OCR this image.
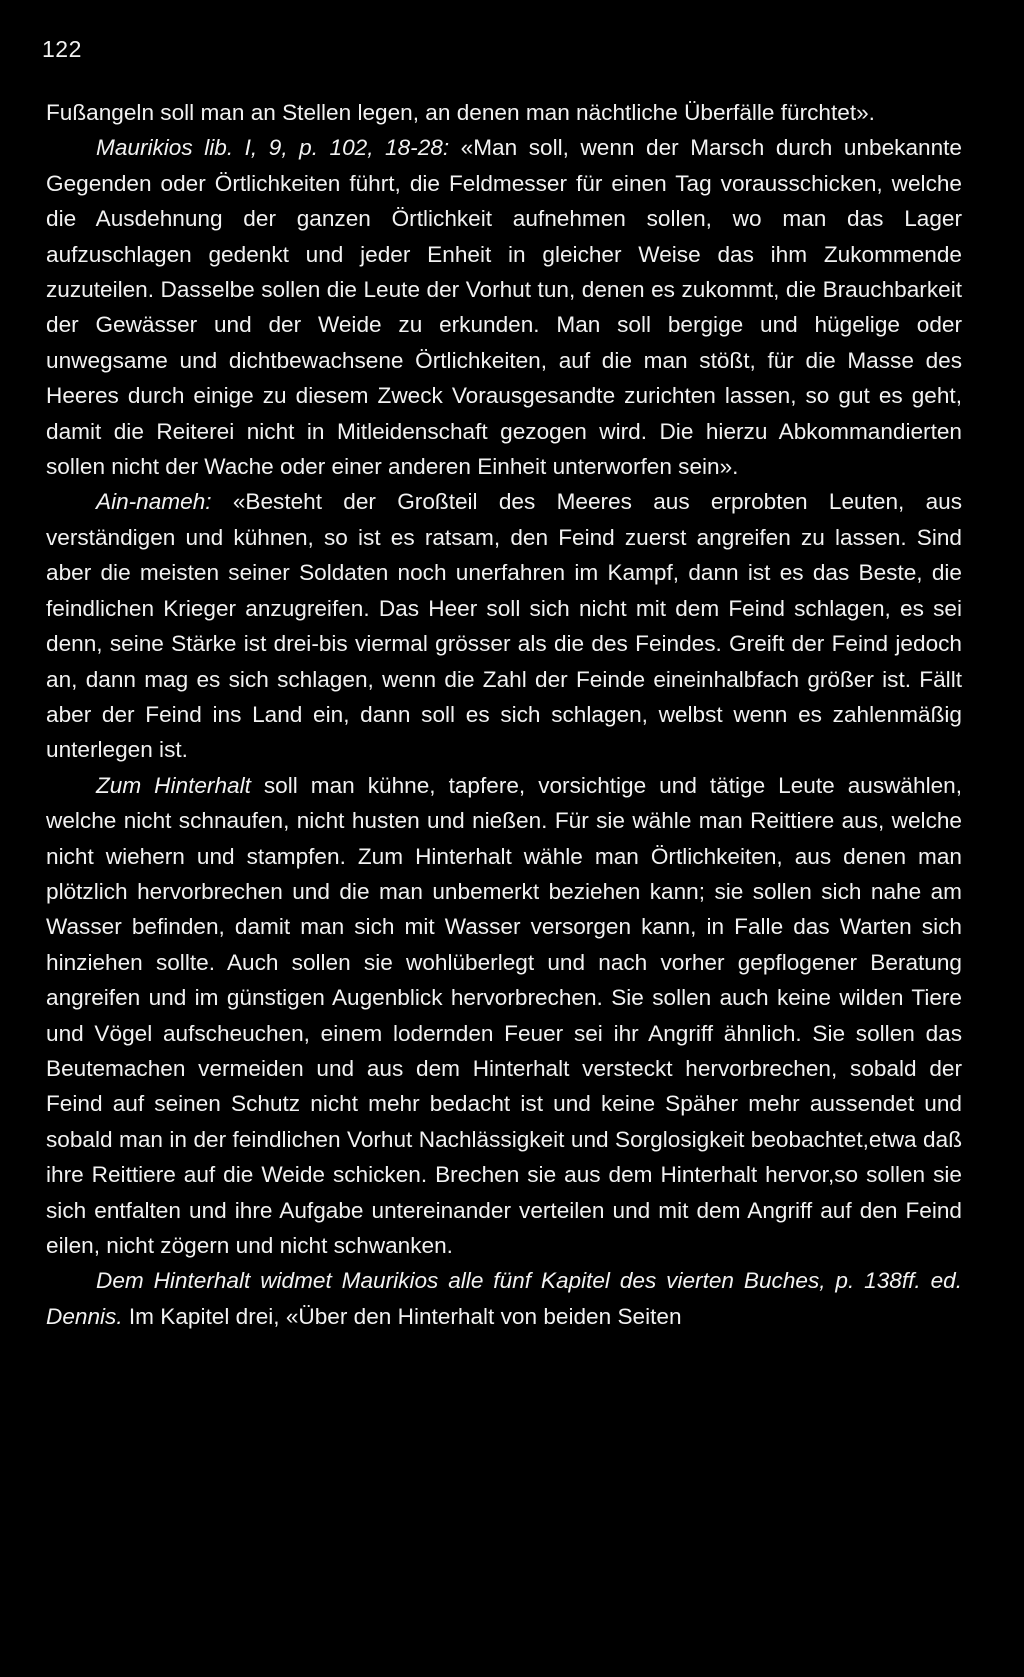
122

Fußangeln soll man an Stellen legen, an denen man nächtliche Überfälle fürchtet».

Maurikios lib. I, 9, p. 102, 18-28: «Man soll, wenn der Marsch durch unbekannte Gegenden oder Örtlichkeiten führt, die Feldmesser für einen Tag vorausschicken, welche die Ausdehnung der ganzen Örtlichkeit aufnehmen sollen, wo man das Lager aufzuschlagen gedenkt und jeder Enheit in gleicher Weise das ihm Zukommende zuzuteilen. Dasselbe sollen die Leute der Vorhut tun, denen es zukommt, die Brauchbarkeit der Gewässer und der Weide zu erkunden. Man soll bergige und hügelige oder unwegsame und dichtbewachsene Örtlichkeiten, auf die man stößt, für die Masse des Heeres durch einige zu diesem Zweck Vorausgesandte zurichten lassen, so gut es geht, damit die Reiterei nicht in Mitleidenschaft gezogen wird. Die hierzu Abkommandierten sollen nicht der Wache oder einer anderen Einheit unterworfen sein».

Ain-nameh: «Besteht der Großteil des Meeres aus erprobten Leuten, aus verständigen und kühnen, so ist es ratsam, den Feind zuerst angreifen zu lassen. Sind aber die meisten seiner Soldaten noch unerfahren im Kampf, dann ist es das Beste, die feindlichen Krieger anzugreifen. Das Heer soll sich nicht mit dem Feind schlagen, es sei denn, seine Stärke ist drei-bis viermal grösser als die des Feindes. Greift der Feind jedoch an, dann mag es sich schlagen, wenn die Zahl der Feinde eineinhalbfach größer ist. Fällt aber der Feind ins Land ein, dann soll es sich schlagen, welbst wenn es zahlenmäßig unterlegen ist.

Zum Hinterhalt soll man kühne, tapfere, vorsichtige und tätige Leute auswählen, welche nicht schnaufen, nicht husten und nießen. Für sie wähle man Reittiere aus, welche nicht wiehern und stampfen. Zum Hinterhalt wähle man Örtlichkeiten, aus denen man plötzlich hervorbrechen und die man unbemerkt beziehen kann; sie sollen sich nahe am Wasser befinden, damit man sich mit Wasser versorgen kann, in Falle das Warten sich hinziehen sollte. Auch sollen sie wohlüberlegt und nach vorher gepflogener Beratung angreifen und im günstigen Augenblick hervorbrechen. Sie sollen auch keine wilden Tiere und Vögel aufscheuchen, einem lodernden Feuer sei ihr Angriff ähnlich. Sie sollen das Beutemachen vermeiden und aus dem Hinterhalt versteckt hervorbrechen, sobald der Feind auf seinen Schutz nicht mehr bedacht ist und keine Späher mehr aussendet und sobald man in der feindlichen Vorhut Nachlässigkeit und Sorglosigkeit beobachtet,etwa daß ihre Reittiere auf die Weide schicken. Brechen sie aus dem Hinterhalt hervor,so sollen sie sich entfalten und ihre Aufgabe untereinander verteilen und mit dem Angriff auf den Feind eilen, nicht zögern und nicht schwanken.

Dem Hinterhalt widmet Maurikios alle fünf Kapitel des vierten Buches, p. 138ff. ed. Dennis. Im Kapitel drei, «Über den Hinterhalt von beiden Seiten
